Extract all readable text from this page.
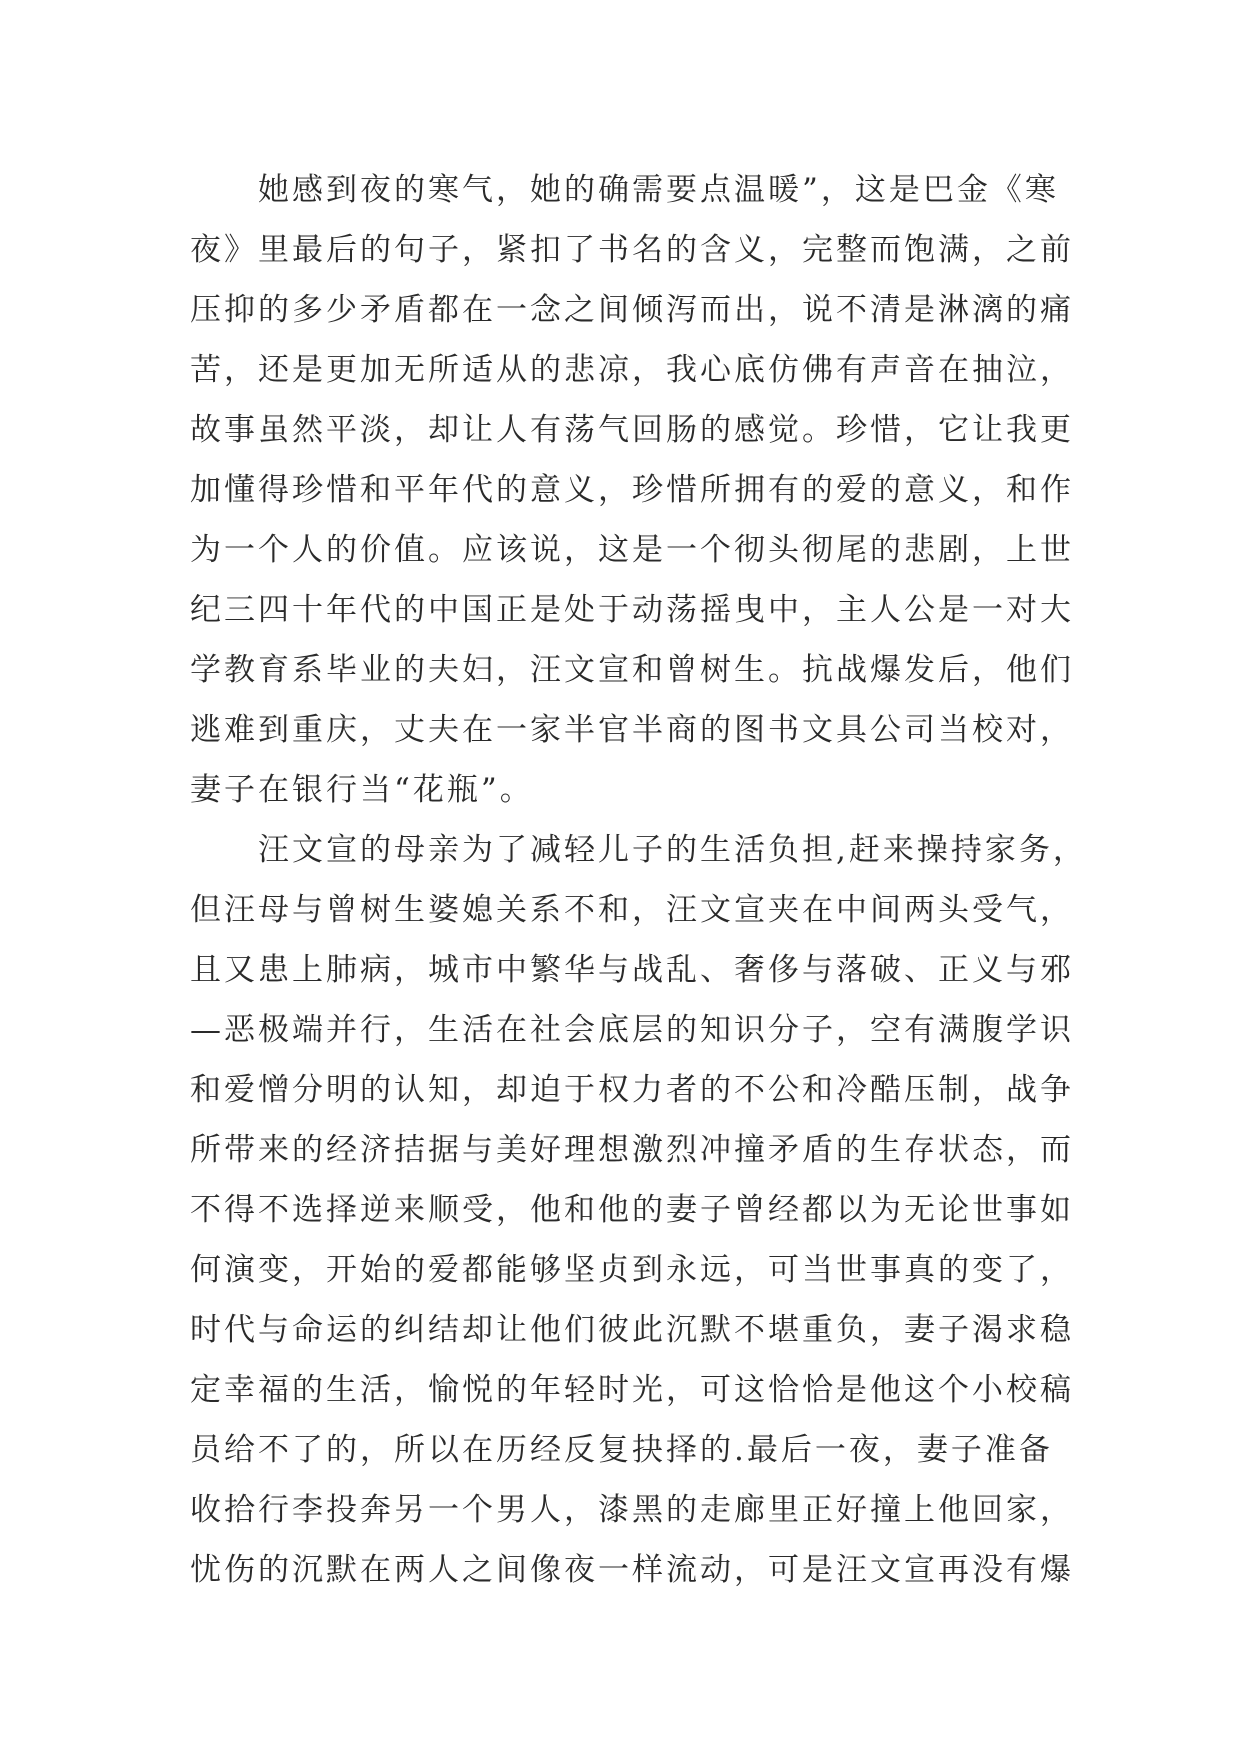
她感到夜的寒气，她的确需要点温暖”，这是巴金《寒
夜》里最后的句子，紧扣了书名的含义，完整而饱满，之前
压抑的多少矛盾都在一念之间倾泻而出，说不清是淋漓的痛
苦，还是更加无所适从的悲凉，我心底仿佛有声音在抽泣，
故事虽然平淡，却让人有荡气回肠的感觉。珍惜，它让我更
加懂得珍惜和平年代的意义，珍惜所拥有的爱的意义，和作
为一个人的价值。应该说，这是一个彻头彻尾的悲剧，上世
纪三四十年代的中国正是处于动荡摇曳中，主人公是一对大
学教育系毕业的夫妇，汪文宣和曾树生。抗战爆发后，他们
逃难到重庆，丈夫在一家半官半商的图书文具公司当校对，
妻子在银行当“花瓶”。
汪文宣的母亲为了减轻儿子的生活负担,赶来操持家务，
但汪母与曾树生婆媳关系不和，汪文宣夹在中间两头受气，
且又患上肺病，城市中繁华与战乱、奢侈与落破、正义与邪
—恶极端并行，生活在社会底层的知识分子，空有满腹学识
和爱憎分明的认知，却迫于权力者的不公和冷酷压制，战争
所带来的经济拮据与美好理想激烈冲撞矛盾的生存状态，而
不得不选择逆来顺受，他和他的妻子曾经都以为无论世事如
何演变，开始的爱都能够坚贞到永远，可当世事真的变了，
时代与命运的纠结却让他们彼此沉默不堪重负，妻子渴求稳
定幸福的生活，愉悦的年轻时光，可这恰恰是他这个小校稿
员给不了的，所以在历经反复抉择的.最后一夜，妻子准备
收拾行李投奔另一个男人，漆黑的走廊里正好撞上他回家，
忧伤的沉默在两人之间像夜一样流动，可是汪文宣再没有爆
